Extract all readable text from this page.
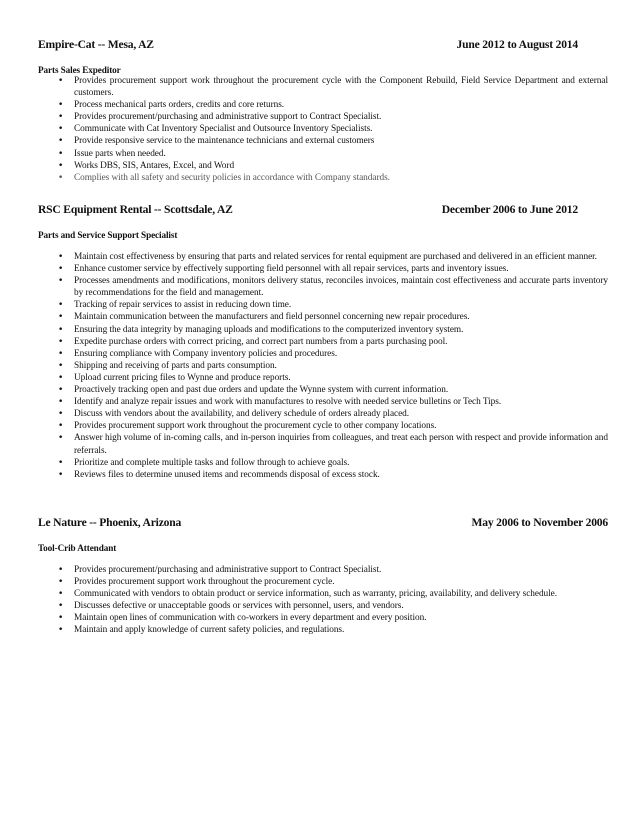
Empire-Cat -- Mesa, AZ	June 2012 to August 2014
Parts Sales Expeditor
• Provides procurement support work throughout the procurement cycle with the Component Rebuild, Field Service Department and external customers.
• Process mechanical parts orders, credits and core returns.
• Provides procurement/purchasing and administrative support to Contract Specialist.
• Communicate with Cat Inventory Specialist and Outsource Inventory Specialists.
• Provide responsive service to the maintenance technicians and external customers
• Issue parts when needed.
• Works DBS, SIS, Antares, Excel, and Word
• Complies with all safety and security policies in accordance with Company standards.
RSC Equipment Rental -- Scottsdale, AZ	December 2006 to June 2012
Parts and Service Support Specialist
• Maintain cost effectiveness by ensuring that parts and related services for rental equipment are purchased and delivered in an efficient manner.
• Enhance customer service by effectively supporting field personnel with all repair services, parts and inventory issues.
• Processes amendments and modifications, monitors delivery status, reconciles invoices, maintain cost effectiveness and accurate parts inventory by recommendations for the field and management.
• Tracking of repair services to assist in reducing down time.
• Maintain communication between the manufacturers and field personnel concerning new repair procedures.
• Ensuring the data integrity by managing uploads and modifications to the computerized inventory system.
• Expedite purchase orders with correct pricing, and correct part numbers from a parts purchasing pool.
• Ensuring compliance with Company inventory policies and procedures.
• Shipping and receiving of parts and parts consumption.
• Upload current pricing files to Wynne and produce reports.
• Proactively tracking open and past due orders and update the Wynne system with current information.
• Identify and analyze repair issues and work with manufactures to resolve with needed service bulletins or Tech Tips.
• Discuss with vendors about the availability, and delivery schedule of orders already placed.
• Provides procurement support work throughout the procurement cycle to other company locations.
• Answer high volume of in-coming calls, and in-person inquiries from colleagues, and treat each person with respect and provide information and referrals.
• Prioritize and complete multiple tasks and follow through to achieve goals.
• Reviews files to determine unused items and recommends disposal of excess stock.
Le Nature -- Phoenix, Arizona	May 2006 to November 2006
Tool-Crib Attendant
• Provides procurement/purchasing and administrative support to Contract Specialist.
• Provides procurement support work throughout the procurement cycle.
• Communicated with vendors to obtain product or service information, such as warranty, pricing, availability, and delivery schedule.
• Discusses defective or unacceptable goods or services with personnel, users, and vendors.
• Maintain open lines of communication with co-workers in every department and every position.
• Maintain and apply knowledge of current safety policies, and regulations.
